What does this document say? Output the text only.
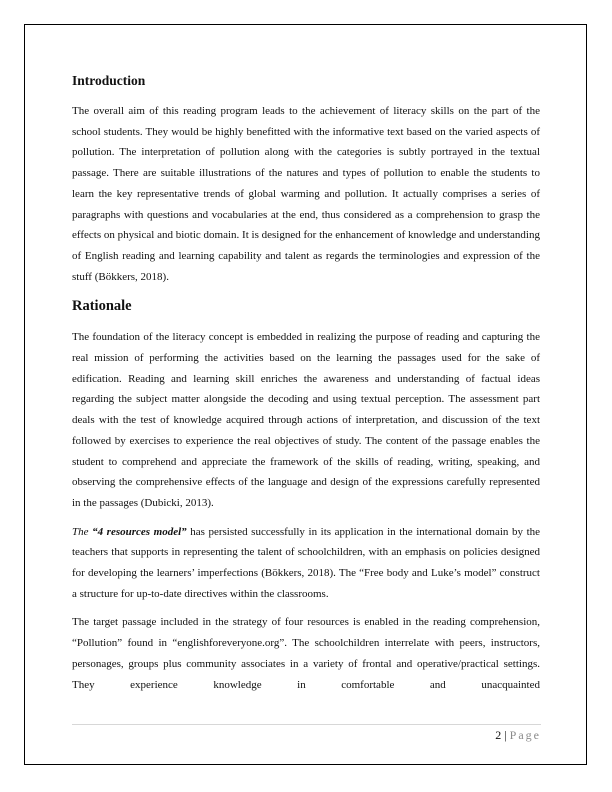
Introduction

The overall aim of this reading program leads to the achievement of literacy skills on the part of the school students. They would be highly benefitted with the informative text based on the varied aspects of pollution. The interpretation of pollution along with the categories is subtly portrayed in the textual passage. There are suitable illustrations of the natures and types of pollution to enable the students to learn the key representative trends of global warming and pollution. It actually comprises a series of paragraphs with questions and vocabularies at the end, thus considered as a comprehension to grasp the effects on physical and biotic domain. It is designed for the enhancement of knowledge and understanding of English reading and learning capability and talent as regards the terminologies and expression of the stuff (Bökkers, 2018).

Rationale

The foundation of the literacy concept is embedded in realizing the purpose of reading and capturing the real mission of performing the activities based on the learning the passages used for the sake of edification. Reading and learning skill enriches the awareness and understanding of factual ideas regarding the subject matter alongside the decoding and using textual perception. The assessment part deals with the test of knowledge acquired through actions of interpretation, and discussion of the text followed by exercises to experience the real objectives of study. The content of the passage enables the student to comprehend and appreciate the framework of the skills of reading, writing, speaking, and observing the comprehensive effects of the language and design of the expressions carefully represented in the passages (Dubicki, 2013).

The “4 resources model” has persisted successfully in its application in the international domain by the teachers that supports in representing the talent of schoolchildren, with an emphasis on policies designed for developing the learners’ imperfections (Bökkers, 2018). The “Free body and Luke’s model” construct a structure for up-to-date directives within the classrooms.

The target passage included in the strategy of four resources is enabled in the reading comprehension, “Pollution” found in “englishforeveryone.org”. The schoolchildren interrelate with peers, instructors, personages, groups plus community associates in a variety of frontal and operative/practical settings. They experience knowledge in comfortable and unacquainted

2 | Page
